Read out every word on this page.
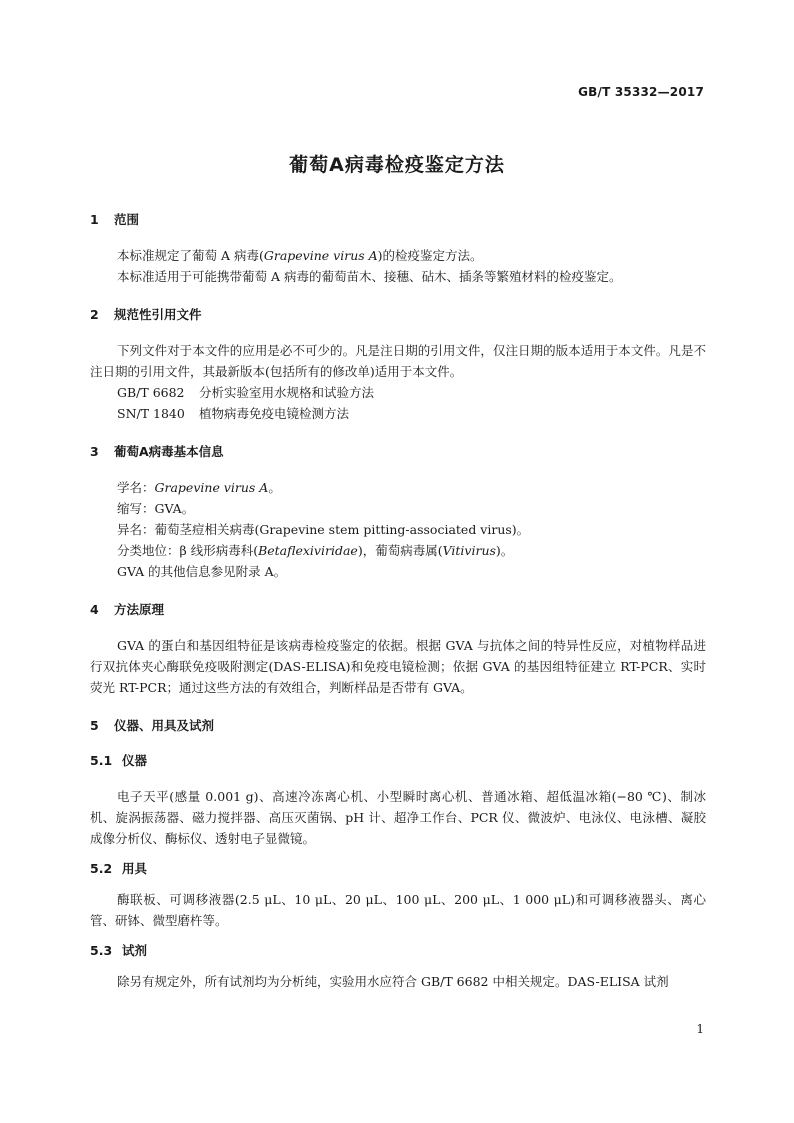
GB/T 35332—2017
葡萄A病毒检疫鉴定方法
1 范围

本标准规定了葡萄 A 病毒(Grapevine virus A)的检疫鉴定方法。

本标准适用于可能携带葡萄 A 病毒的葡萄苗木、接穗、砧木、插条等繁殖材料的检疫鉴定。

2 规范性引用文件

下列文件对于本文件的应用是必不可少的。凡是注日期的引用文件，仅注日期的版本适用于本文件。凡是不注日期的引用文件，其最新版本(包括所有的修改单)适用于本文件。

GB/T 6682 分析实验室用水规格和试验方法

SN/T 1840 植物病毒免疫电镜检测方法

3 葡萄A病毒基本信息

学名：Grapevine virus A。

缩写：GVA。

异名：葡萄茎痘相关病毒(Grapevine stem pitting-associated virus)。

分类地位：β 线形病毒科(Betaflexiviridae)，葡萄病毒属(Vitivirus)。

GVA 的其他信息参见附录 A。

4 方法原理

GVA 的蛋白和基因组特征是该病毒检疫鉴定的依据。根据 GVA 与抗体之间的特异性反应，对植物样品进行双抗体夹心酶联免疫吸附测定(DAS-ELISA)和免疫电镜检测；依据 GVA 的基因组特征建立 RT-PCR、实时荧光 RT-PCR；通过这些方法的有效组合，判断样品是否带有 GVA。

5 仪器、用具及试剂
5.1 仪器

电子天平(感量 0.001 g)、高速冷冻离心机、小型瞬时离心机、普通冰箱、超低温冰箱(−80 ℃)、制冰机、旋涡振荡器、磁力搅拌器、高压灭菌锅、pH 计、超净工作台、PCR 仪、微波炉、电泳仪、电泳槽、凝胶成像分析仪、酶标仪、透射电子显微镜。

5.2 用具

酶联板、可调移液器(2.5 μL、10 μL、20 μL、100 μL、200 μL、1 000 μL)和可调移液器头、离心管、研钵、微型磨杵等。

5.3 试剂

除另有规定外，所有试剂均为分析纯，实验用水应符合 GB/T 6682 中相关规定。DAS-ELISA 试剂

1
